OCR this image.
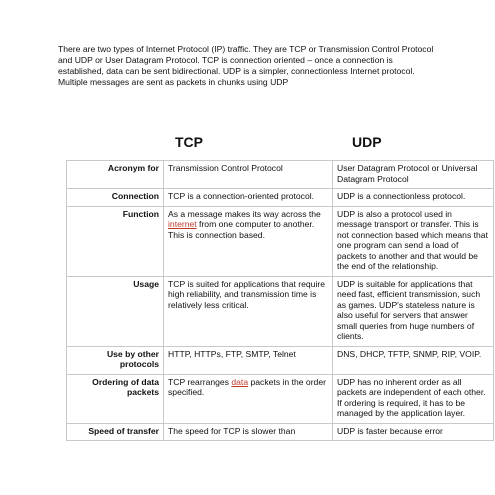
There are two types of Internet Protocol (IP) traffic. They are TCP or Transmission Control Protocol and UDP or User Datagram Protocol. TCP is connection oriented – once a connection is established, data can be sent bidirectional. UDP is a simpler, connectionless Internet protocol. Multiple messages are sent as packets in chunks using UDP

TCP	UDP
Acronym for	Transmission Control Protocol	User Datagram Protocol or Universal Datagram Protocol
Connection	TCP is a connection-oriented protocol.	UDP is a connectionless protocol.
Function	As a message makes its way across the internet from one computer to another. This is connection based.	UDP is also a protocol used in message transport or transfer. This is not connection based which means that one program can send a load of packets to another and that would be the end of the relationship.
Usage	TCP is suited for applications that require high reliability, and transmission time is relatively less critical.	UDP is suitable for applications that need fast, efficient transmission, such as games. UDP's stateless nature is also useful for servers that answer small queries from huge numbers of clients.
Use by other protocols	HTTP, HTTPs, FTP, SMTP, Telnet	DNS, DHCP, TFTP, SNMP, RIP, VOIP.
Ordering of data packets	TCP rearranges data packets in the order specified.	UDP has no inherent order as all packets are independent of each other. If ordering is required, it has to be managed by the application layer.
Speed of transfer	The speed for TCP is slower than	UDP is faster because error
